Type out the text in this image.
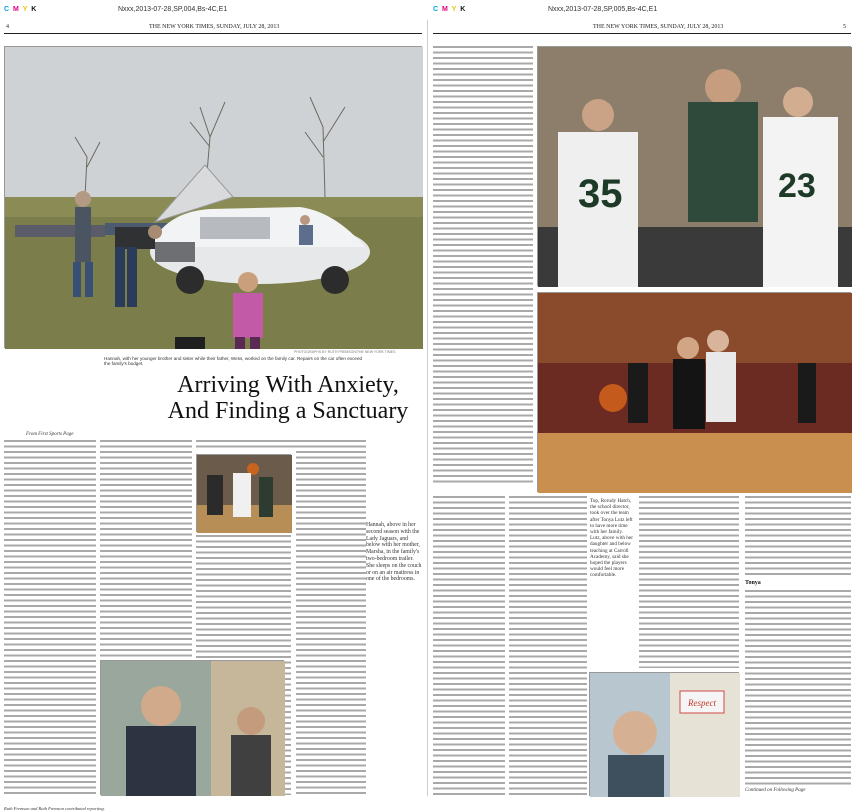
C M Y K	Nxxx,2013-07-28,SP,004,Bs-4C,E1	C M Y K	Nxxx,2013-07-28,SP,005,Bs-4C,E1
4	THE NEW YORK TIMES, SUNDAY, JULY 28, 2013
PHOTOGRAPHS BY RUTH FREMSON/THE NEW YORK TIMES
Hannah, with her younger brother and sister while their father, Wess, worked on the family car. Repairs on the car often exceed the family's budget.
Arriving With Anxiety,
And Finding a Sanctuary
From First Sports Page
Hannah, above in her second season with the Lady Jaguars, and below with her mother, Marsha, in the family's two-bedroom trailer. She sleeps on the couch or on an air mattress in one of the bedrooms.
Ruth Fremson and Ruth Fremson contributed reporting.
THE NEW YORK TIMES, SUNDAY, JULY 28, 2013	5
35	23
Top, Rorudy Hatch, the school director, took over the team after Tonya Lutz left to have more time with her family. Lutz, above with her daughter and below teaching at Carroll Academy, said she hoped the players would feel more comfortable.
Tonya
Respect
Continued on Following Page
